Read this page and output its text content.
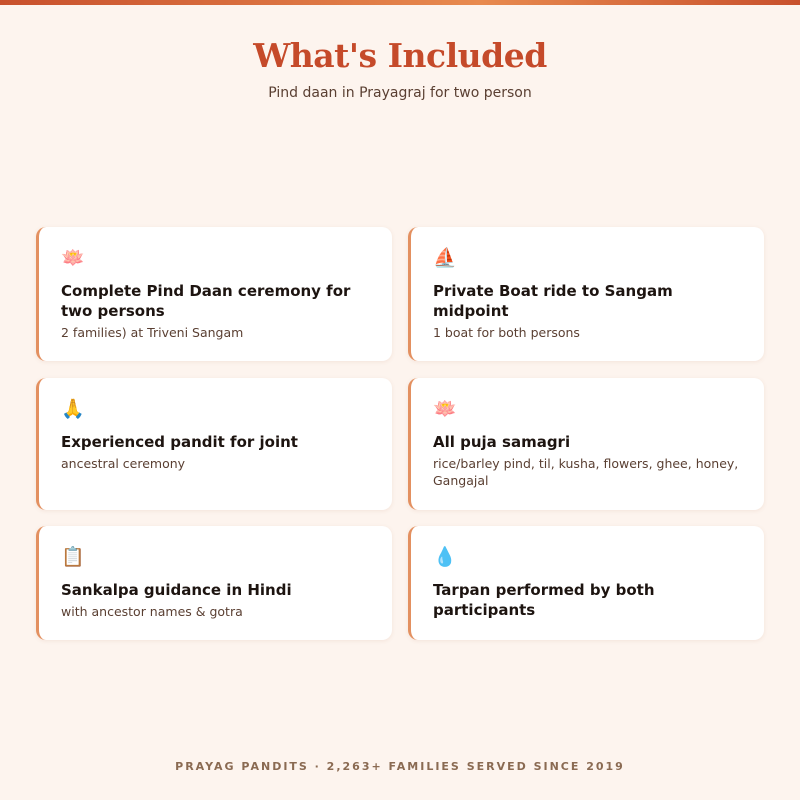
What's Included
Pind daan in Prayagraj for two person
🪷
Complete Pind Daan ceremony for two persons
2 families) at Triveni Sangam
⛵
Private Boat ride to Sangam midpoint
1 boat for both persons
🙏
Experienced pandit for joint
ancestral ceremony
🪷
All puja samagri
rice/barley pind, til, kusha, flowers, ghee, honey, Gangajal
📋
Sankalpa guidance in Hindi
with ancestor names & gotra
💧
Tarpan performed by both participants
PRAYAG PANDITS · 2,263+ FAMILIES SERVED SINCE 2019
